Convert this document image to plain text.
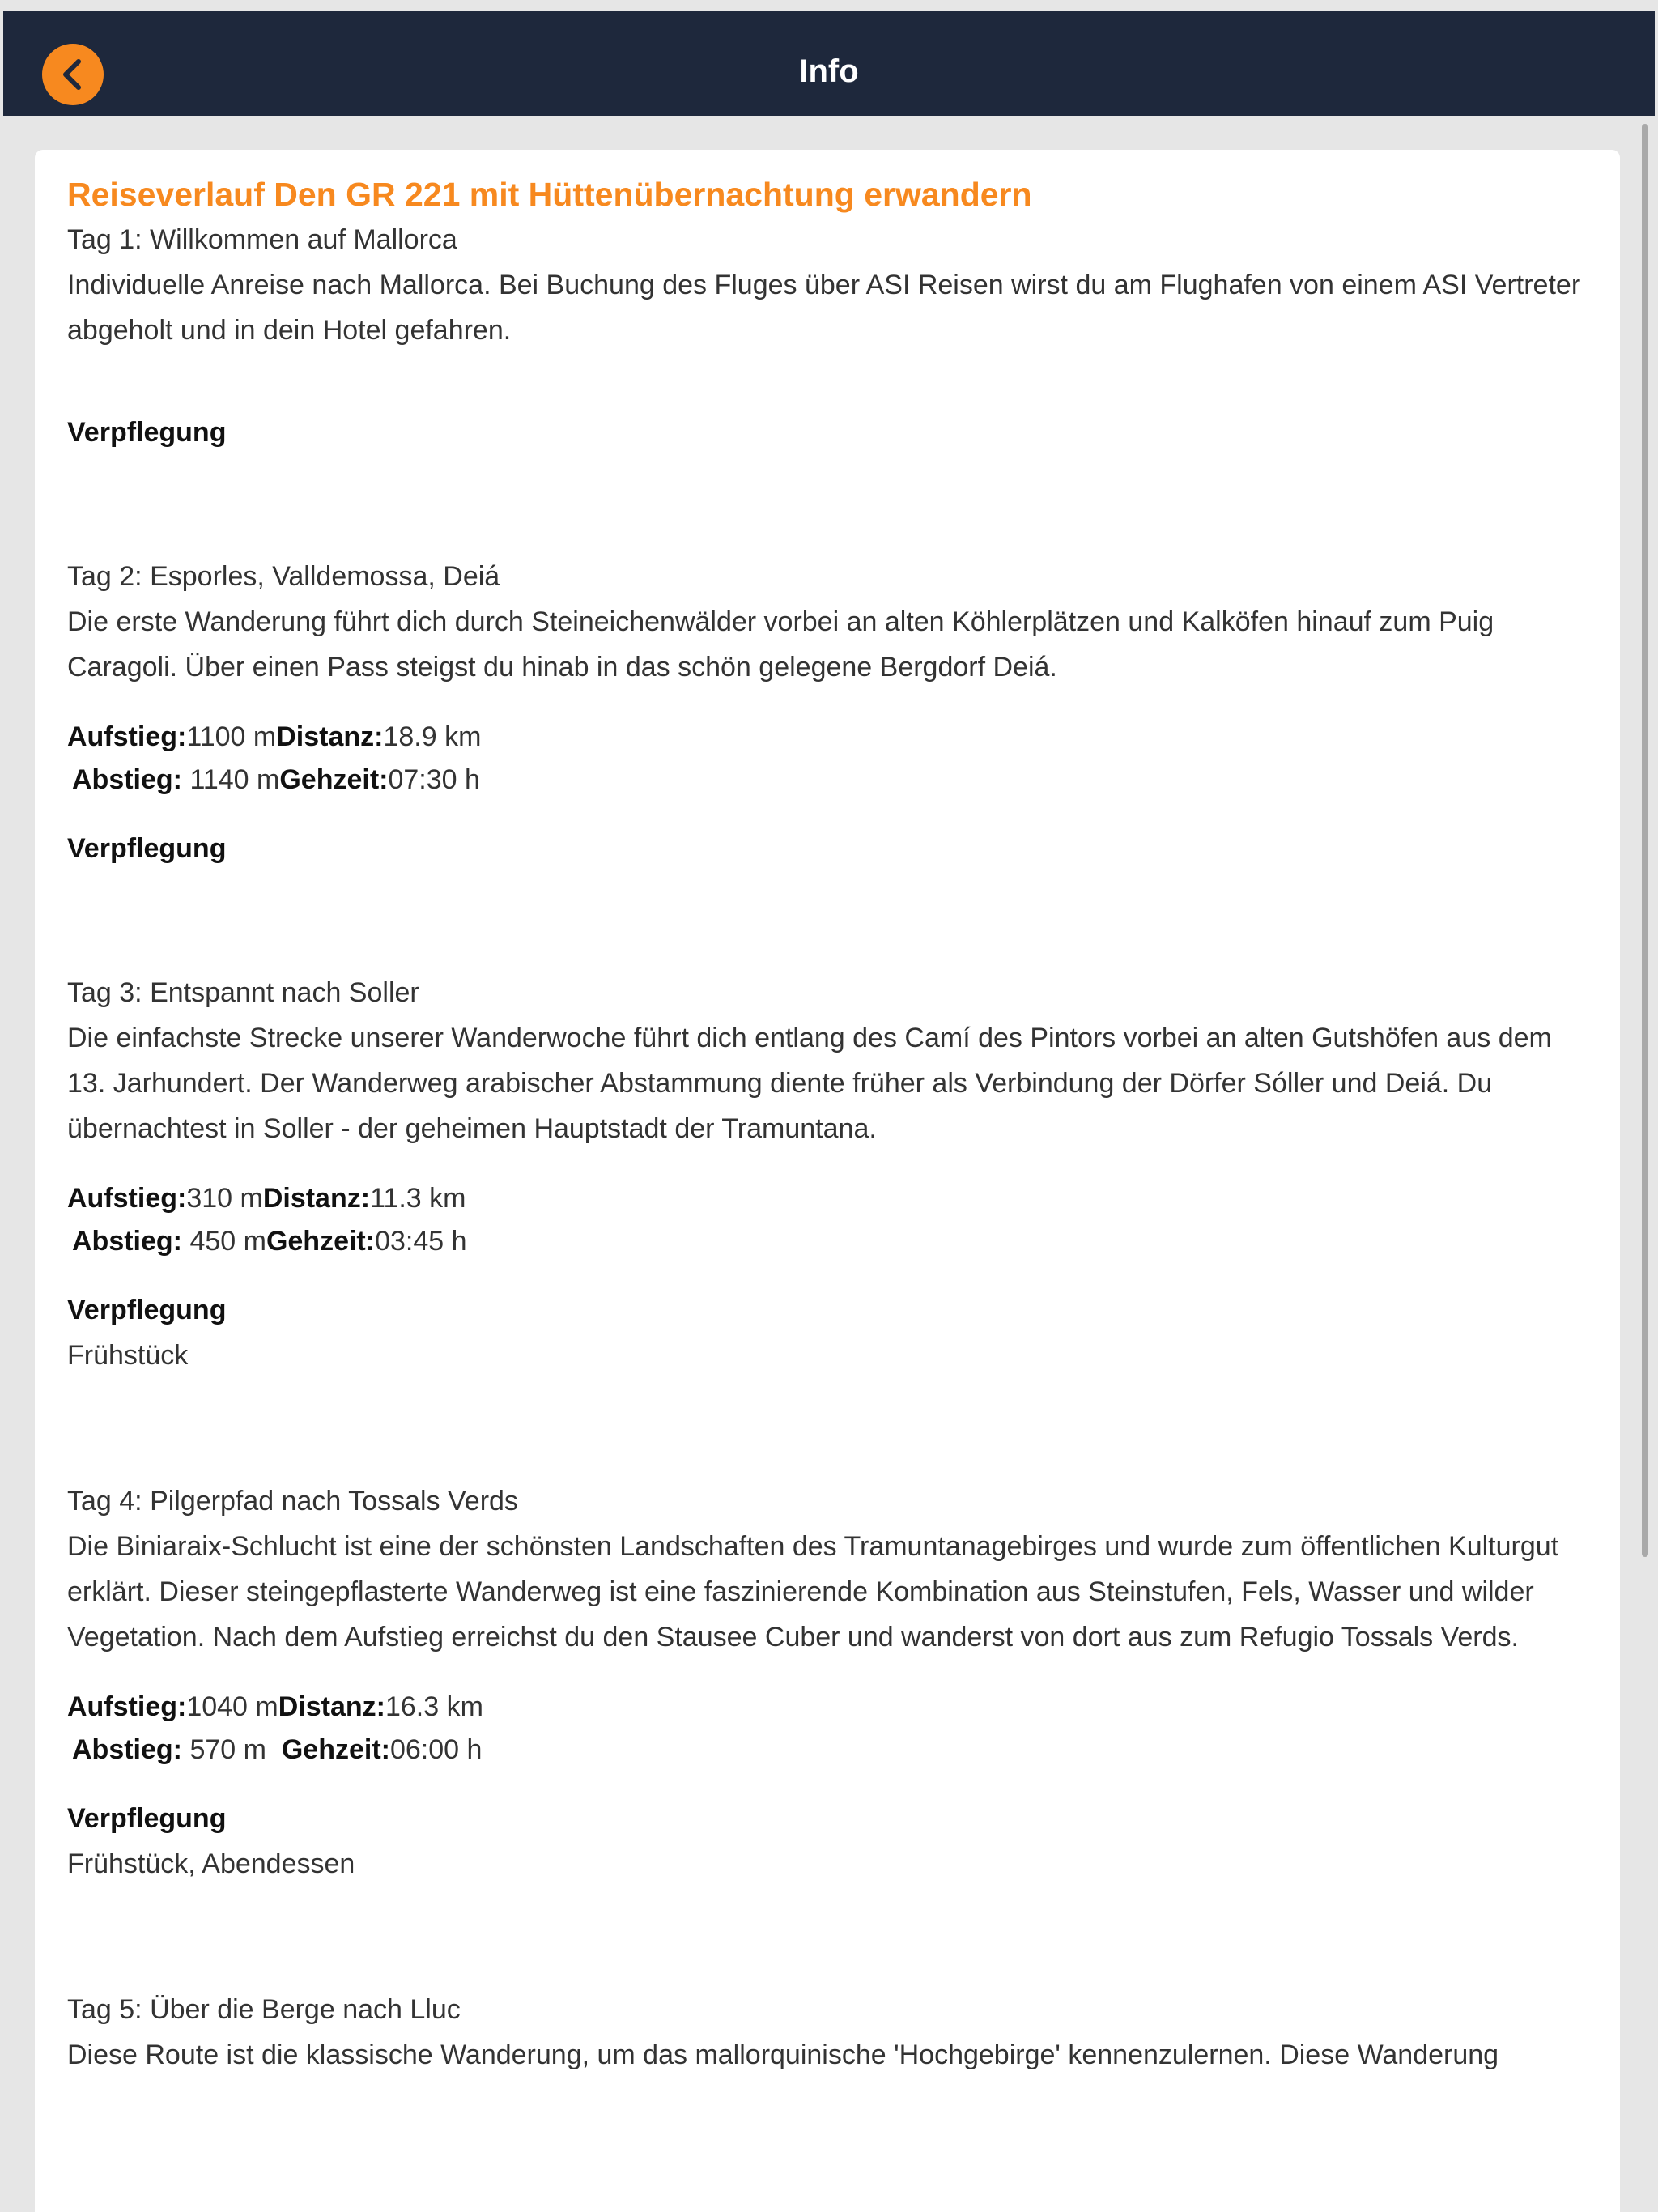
Info
Reiseverlauf Den GR 221 mit Hüttenübernachtung erwandern

Tag 1: Willkommen auf Mallorca

Individuelle Anreise nach Mallorca. Bei Buchung des Fluges über ASI Reisen wirst du am Flughafen von einem ASI Vertreter abgeholt und in dein Hotel gefahren.

Verpflegung

Tag 2: Esporles, Valldemossa, Deiá

Die erste Wanderung führt dich durch Steineichenwälder vorbei an alten Köhlerplätzen und Kalköfen hinauf zum Puig Caragoli. Über einen Pass steigst du hinab in das schön gelegene Bergdorf Deiá.

Aufstieg:1100 mDistanz:18.9 km
Abstieg: 1140 mGehzeit:07:30 h

Verpflegung

Tag 3: Entspannt nach Soller

Die einfachste Strecke unserer Wanderwoche führt dich entlang des Camí des Pintors vorbei an alten Gutshöfen aus dem 13. Jarhundert. Der Wanderweg arabischer Abstammung diente früher als Verbindung der Dörfer Sóller und Deiá. Du übernachtest in Soller - der geheimen Hauptstadt der Tramuntana.

Aufstieg:310 mDistanz:11.3 km
Abstieg: 450 mGehzeit:03:45 h

Verpflegung

Frühstück

Tag 4: Pilgerpfad nach Tossals Verds

Die Biniaraix-Schlucht ist eine der schönsten Landschaften des Tramuntanagebirges und wurde zum öffentlichen Kulturgut erklärt. Dieser steingepflasterte Wanderweg ist eine faszinierende Kombination aus Steinstufen, Fels, Wasser und wilder Vegetation. Nach dem Aufstieg erreichst du den Stausee Cuber und wanderst von dort aus zum Refugio Tossals Verds.

Aufstieg:1040 mDistanz:16.3 km
Abstieg: 570 m Gehzeit:06:00 h

Verpflegung

Frühstück, Abendessen

Tag 5: Über die Berge nach Lluc

Diese Route ist die klassische Wanderung, um das mallorquinische 'Hochgebirge' kennenzulernen. Diese Wanderung
